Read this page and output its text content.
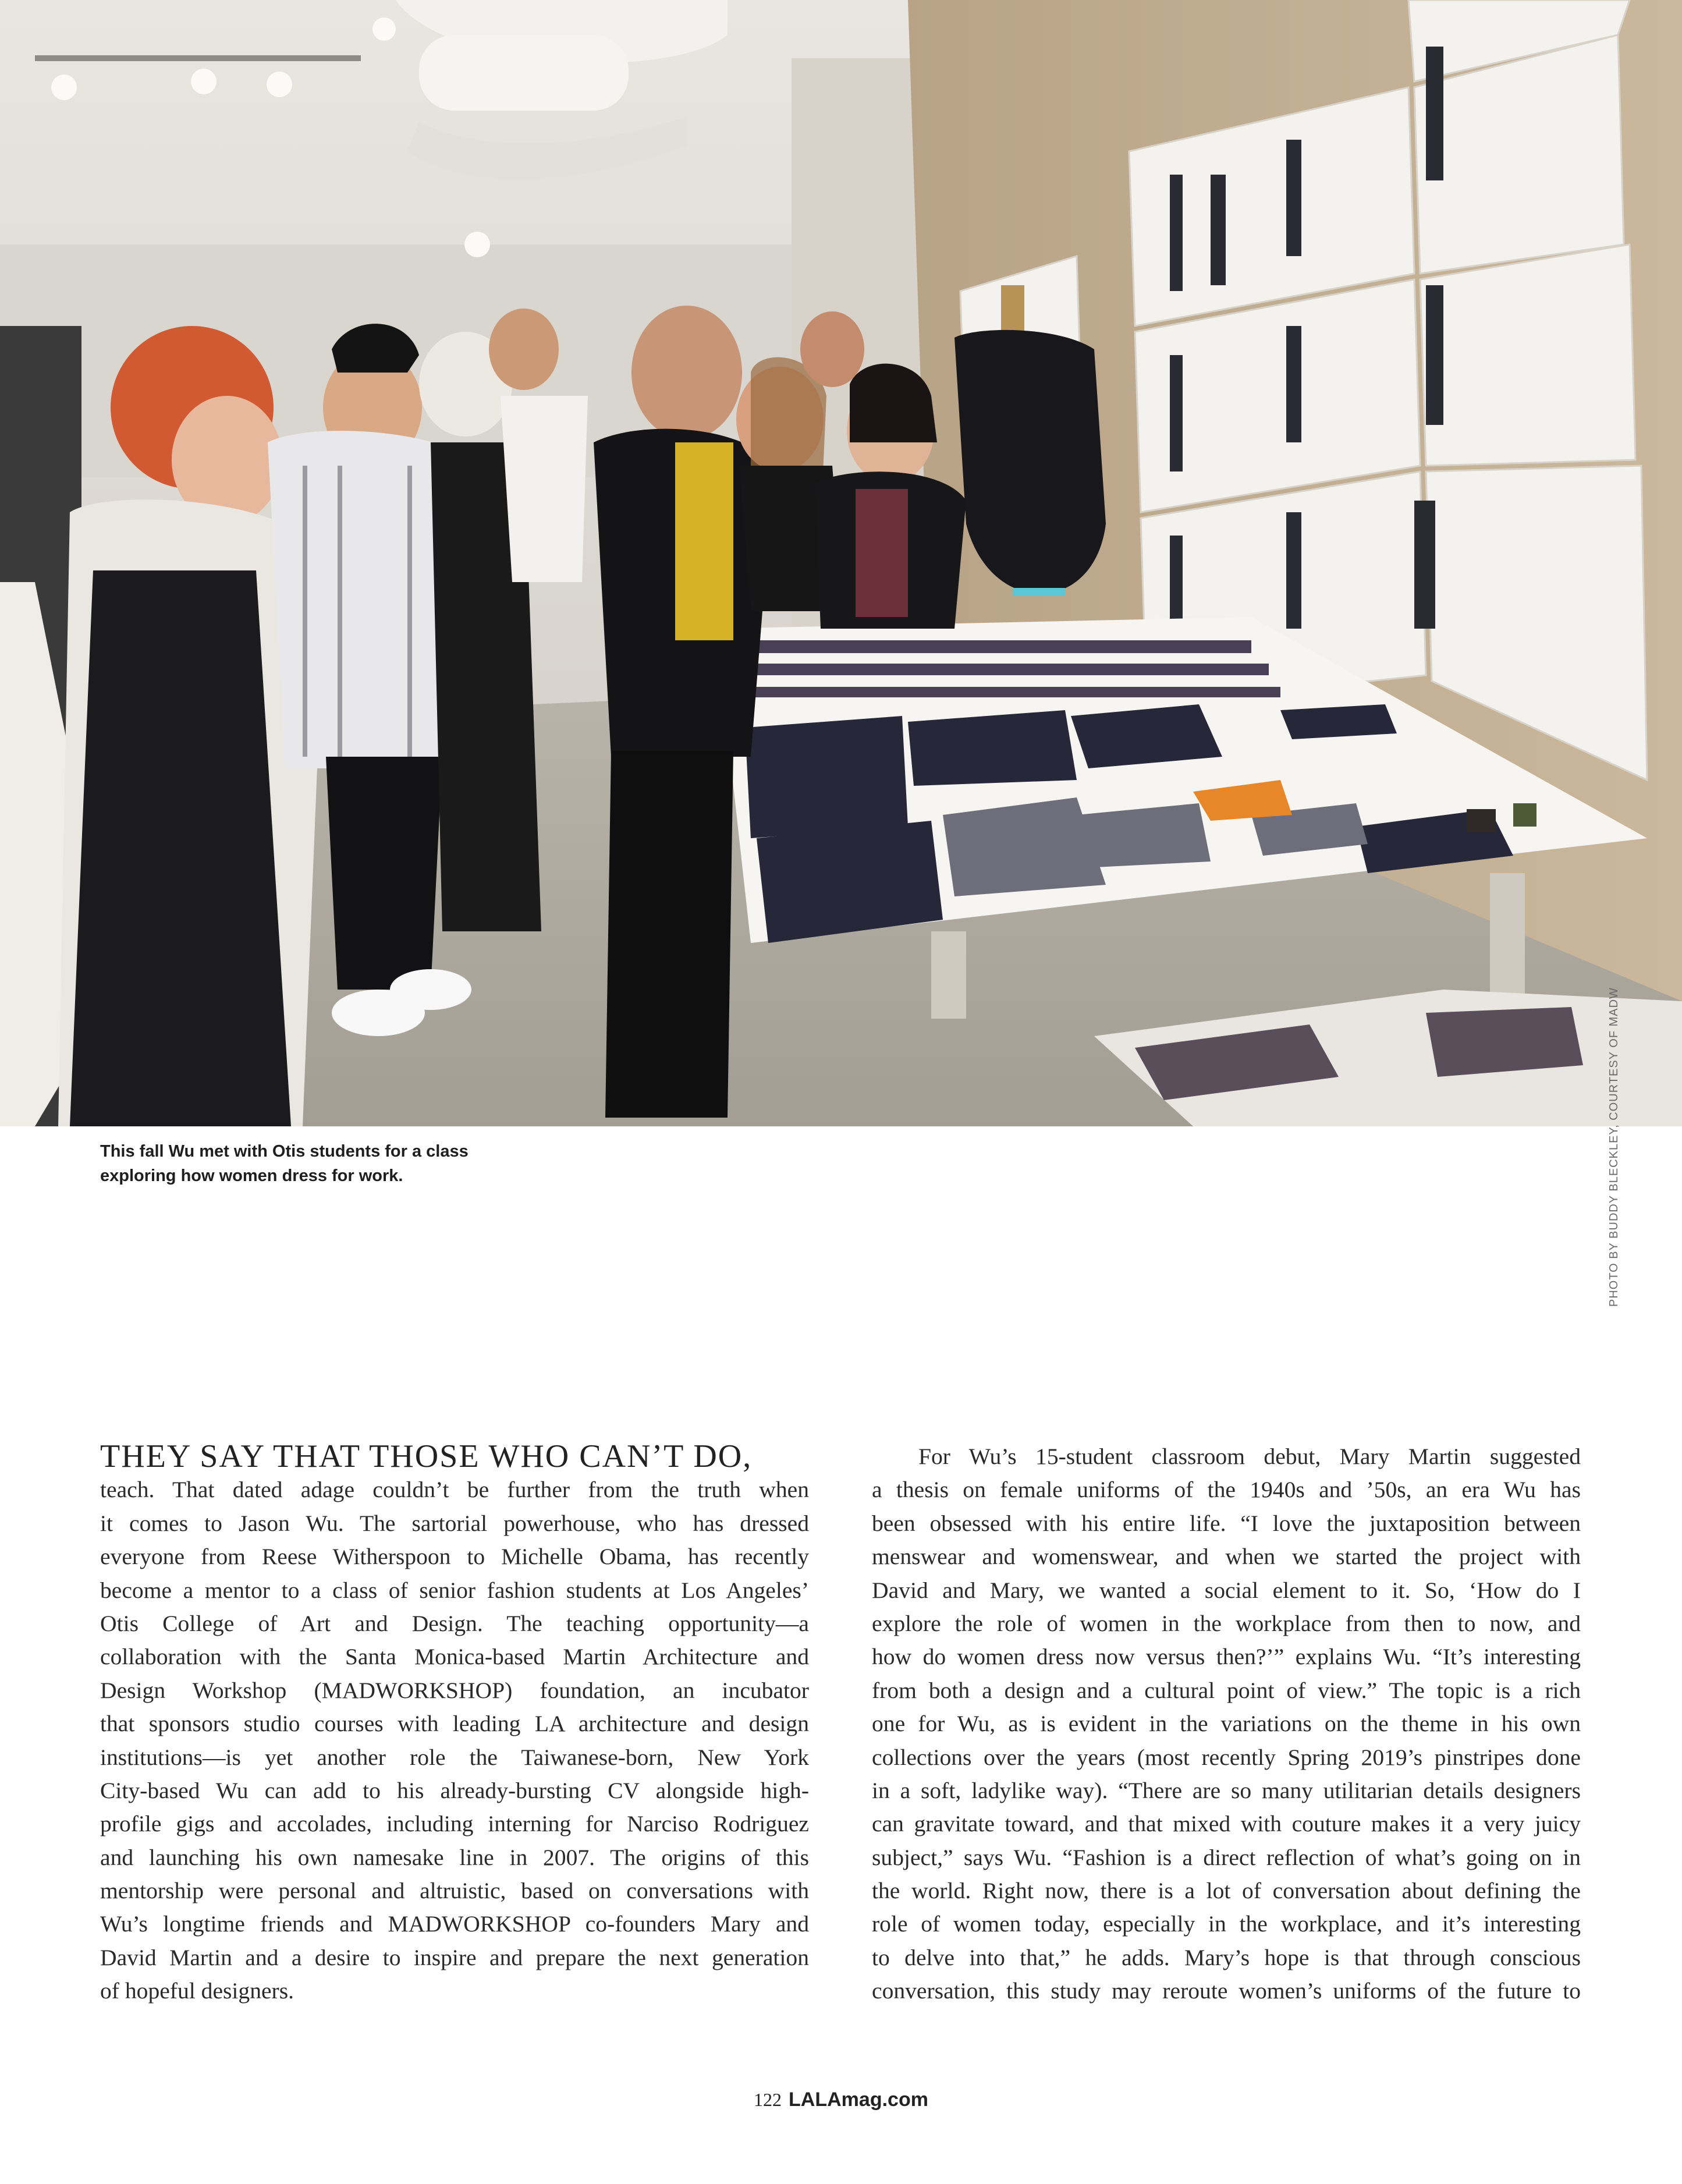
This fall Wu met with Otis students for a class exploring how women dress for work.	PHOTO BY BUDDY BLECKLEY, COURTESY OF MADW
THEY SAY THAT THOSE WHO CAN’T DO,
teach. That dated adage couldn’t be further from the truth when
it comes to Jason Wu. The sartorial powerhouse, who has dressed
everyone from Reese Witherspoon to Michelle Obama, has recently
become a mentor to a class of senior fashion students at Los Angeles’
Otis College of Art and Design. The teaching opportunity—a
collaboration with the Santa Monica-based Martin Architecture and
Design Workshop (MADWORKSHOP) foundation, an incubator
that sponsors studio courses with leading LA architecture and design
institutions—is yet another role the Taiwanese-born, New York
City-based Wu can add to his already-bursting CV alongside high-
profile gigs and accolades, including interning for Narciso Rodriguez
and launching his own namesake line in 2007. The origins of this
mentorship were personal and altruistic, based on conversations with
Wu’s longtime friends and MADWORKSHOP co-founders Mary and
David Martin and a desire to inspire and prepare the next generation
of hopeful designers.
For Wu’s 15-student classroom debut, Mary Martin suggested
a thesis on female uniforms of the 1940s and ’50s, an era Wu has
been obsessed with his entire life. “I love the juxtaposition between
menswear and womenswear, and when we started the project with
David and Mary, we wanted a social element to it. So, ‘How do I
explore the role of women in the workplace from then to now, and
how do women dress now versus then?’” explains Wu. “It’s interesting
from both a design and a cultural point of view.” The topic is a rich
one for Wu, as is evident in the variations on the theme in his own
collections over the years (most recently Spring 2019’s pinstripes done
in a soft, ladylike way). “There are so many utilitarian details designers
can gravitate toward, and that mixed with couture makes it a very juicy
subject,” says Wu. “Fashion is a direct reflection of what’s going on in
the world. Right now, there is a lot of conversation about defining the
role of women today, especially in the workplace, and it’s interesting
to delve into that,” he adds. Mary’s hope is that through conscious
conversation, this study may reroute women’s uniforms of the future to
122 LALAmag.com
